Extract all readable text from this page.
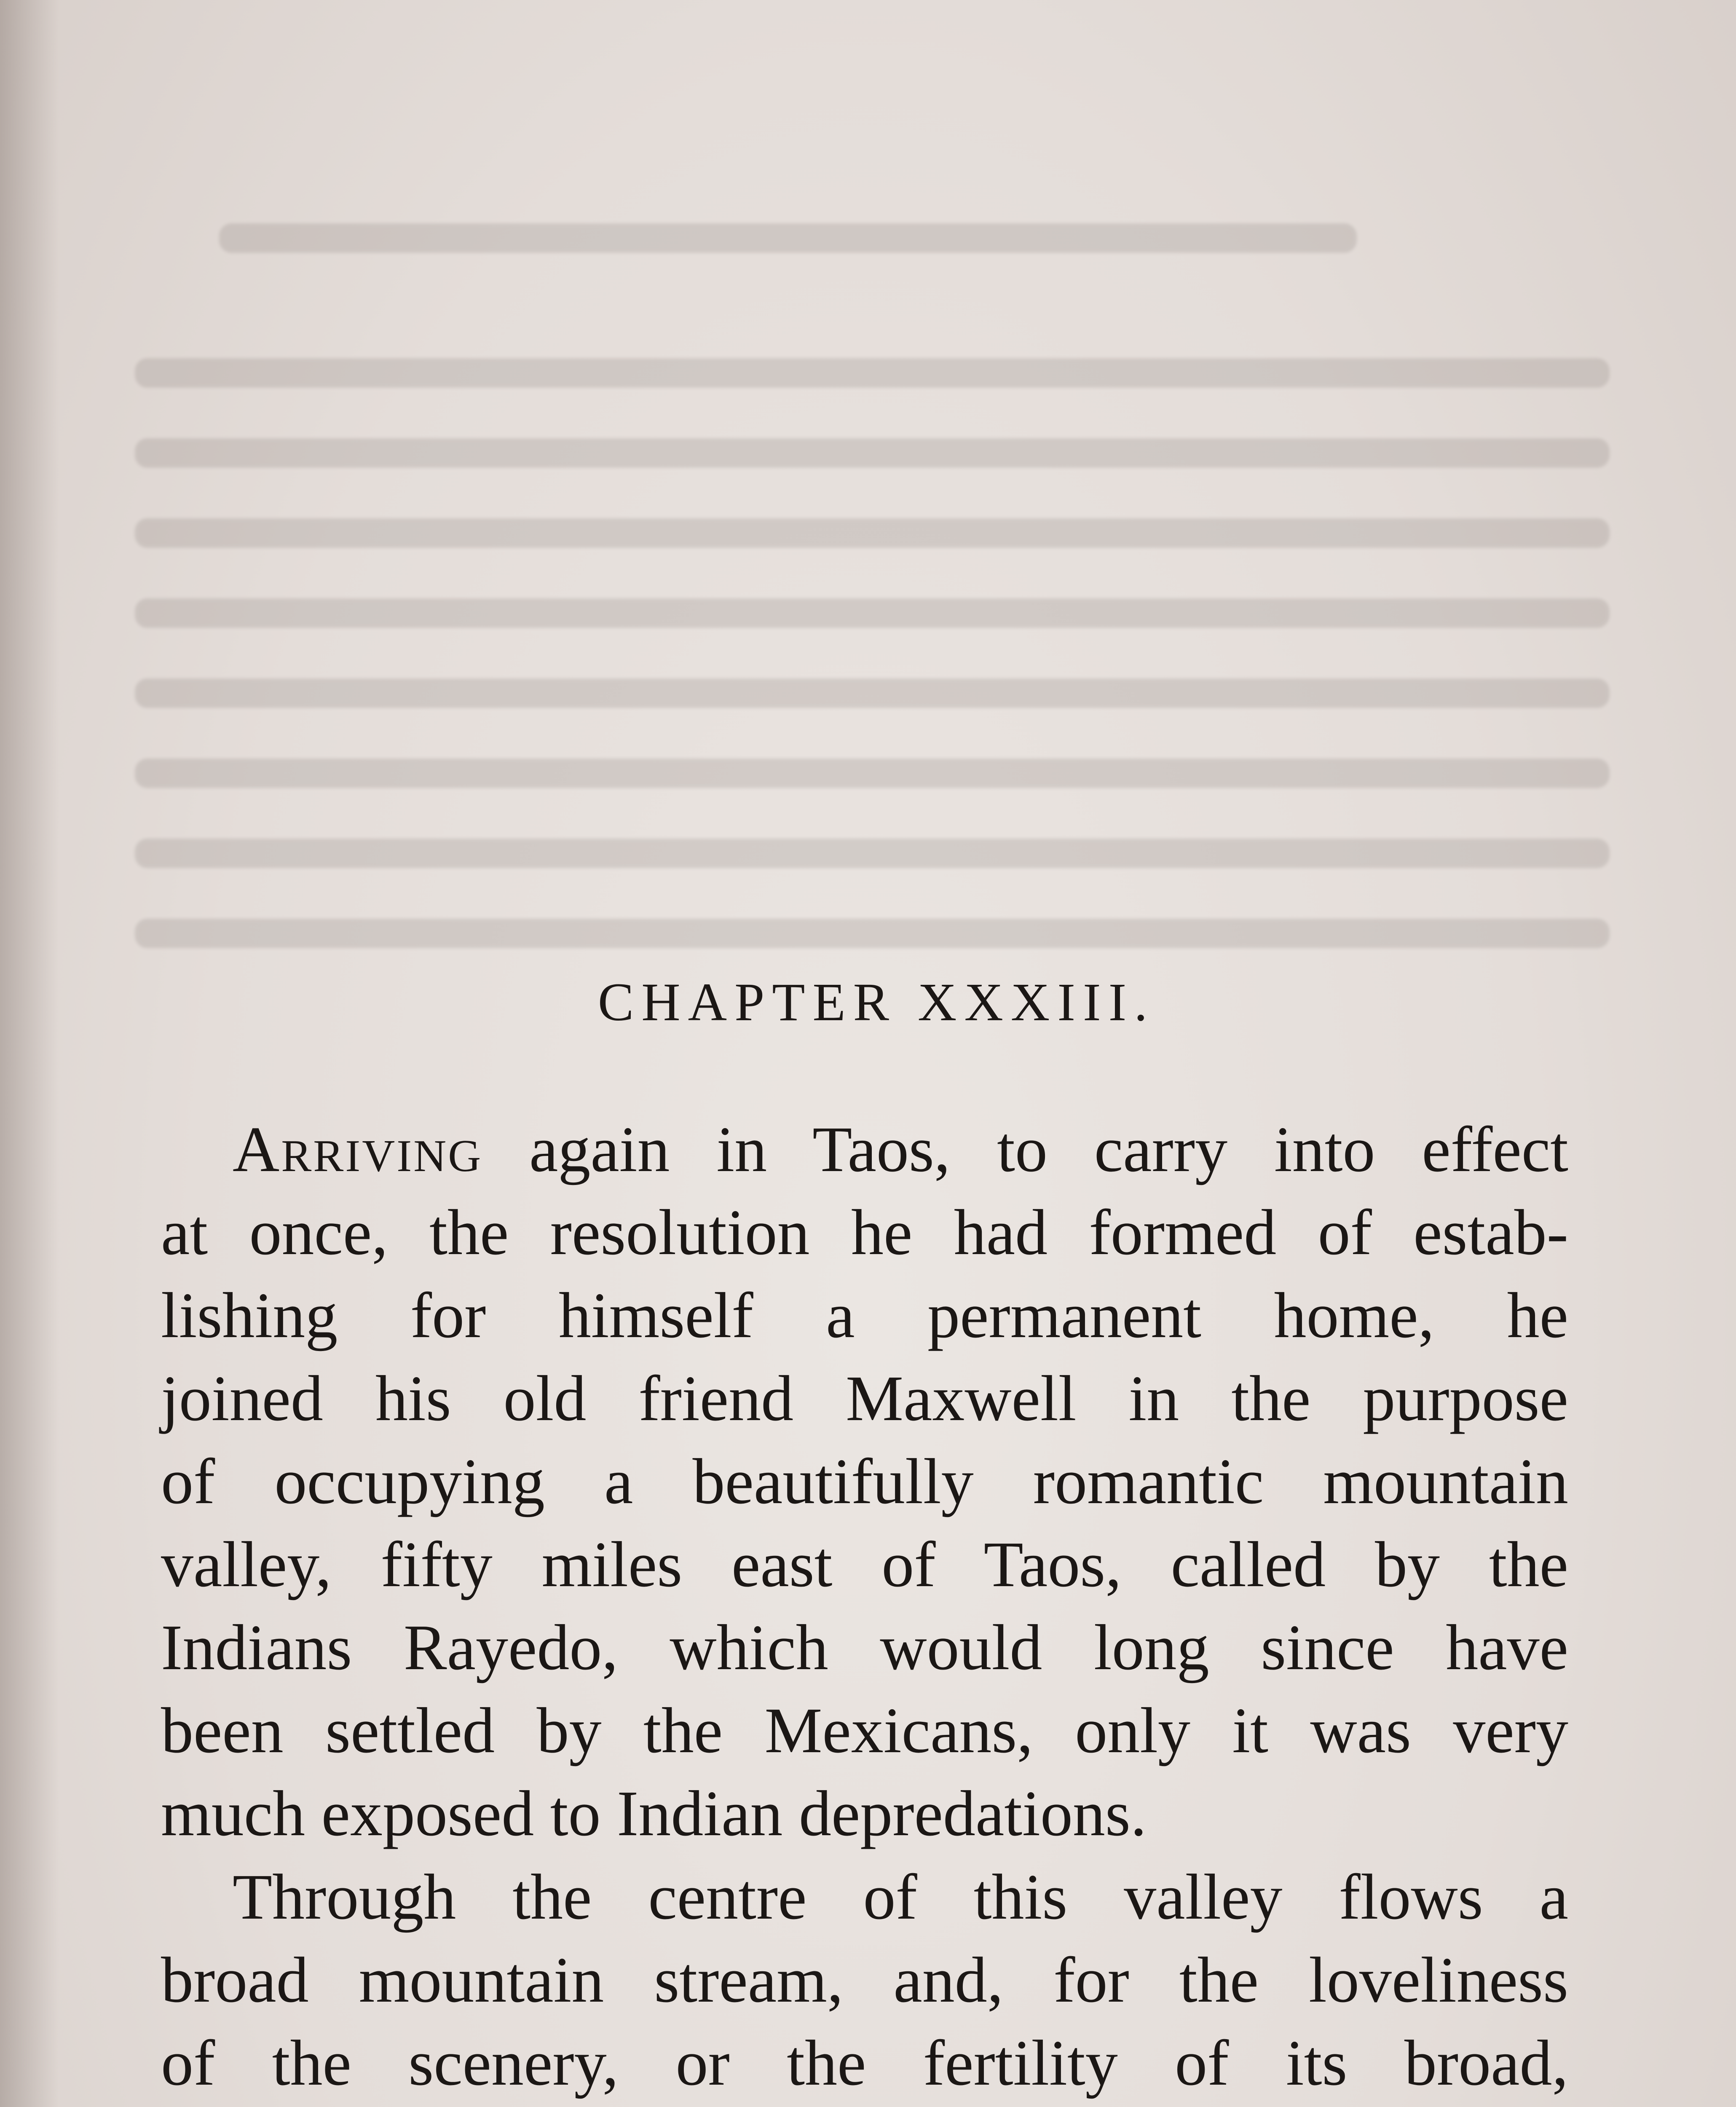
CHAPTER XXXIII.
Arriving again in Taos, to carry into effect
at once, the resolution he had formed of estab-
lishing for himself a permanent home, he
joined his old friend Maxwell in the purpose
of occupying a beautifully romantic mountain
valley, fifty miles east of Taos, called by the
Indians Rayedo, which would long since have
been settled by the Mexicans, only it was very
much exposed to Indian depredations.
Through the centre of this valley flows a
broad mountain stream, and, for the loveliness
of the scenery, or the fertility of its broad,
